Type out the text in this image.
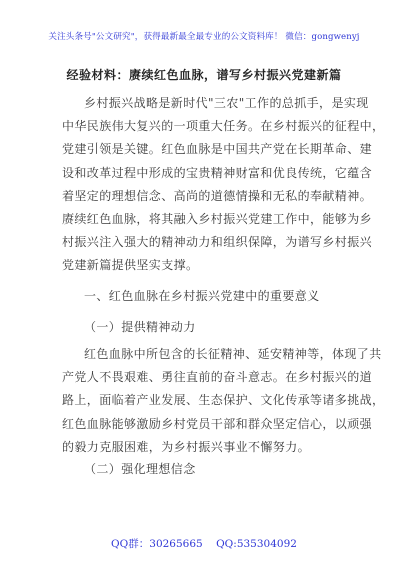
关注头条号"公文研究"，获得最新最全最专业的公文资料库！ 微信：gongwenyj
经验材料：赓续红色血脉，谱写乡村振兴党建新篇
乡村振兴战略是新时代"三农"工作的总抓手，是实现
中华民族伟大复兴的一项重大任务。在乡村振兴的征程中，
党建引领是关键。红色血脉是中国共产党在长期革命、建
设和改革过程中形成的宝贵精神财富和优良传统，它蕴含
着坚定的理想信念、高尚的道德情操和无私的奉献精神。
赓续红色血脉，将其融入乡村振兴党建工作中，能够为乡
村振兴注入强大的精神动力和组织保障，为谱写乡村振兴
党建新篇提供坚实支撑。
一、红色血脉在乡村振兴党建中的重要意义
（一）提供精神动力
红色血脉中所包含的长征精神、延安精神等，体现了共
产党人不畏艰难、勇往直前的奋斗意志。在乡村振兴的道
路上，面临着产业发展、生态保护、文化传承等诸多挑战，
红色血脉能够激励乡村党员干部和群众坚定信心，以顽强
的毅力克服困难，为乡村振兴事业不懈努力。
（二）强化理想信念
QQ群：30265665 QQ:535304092
